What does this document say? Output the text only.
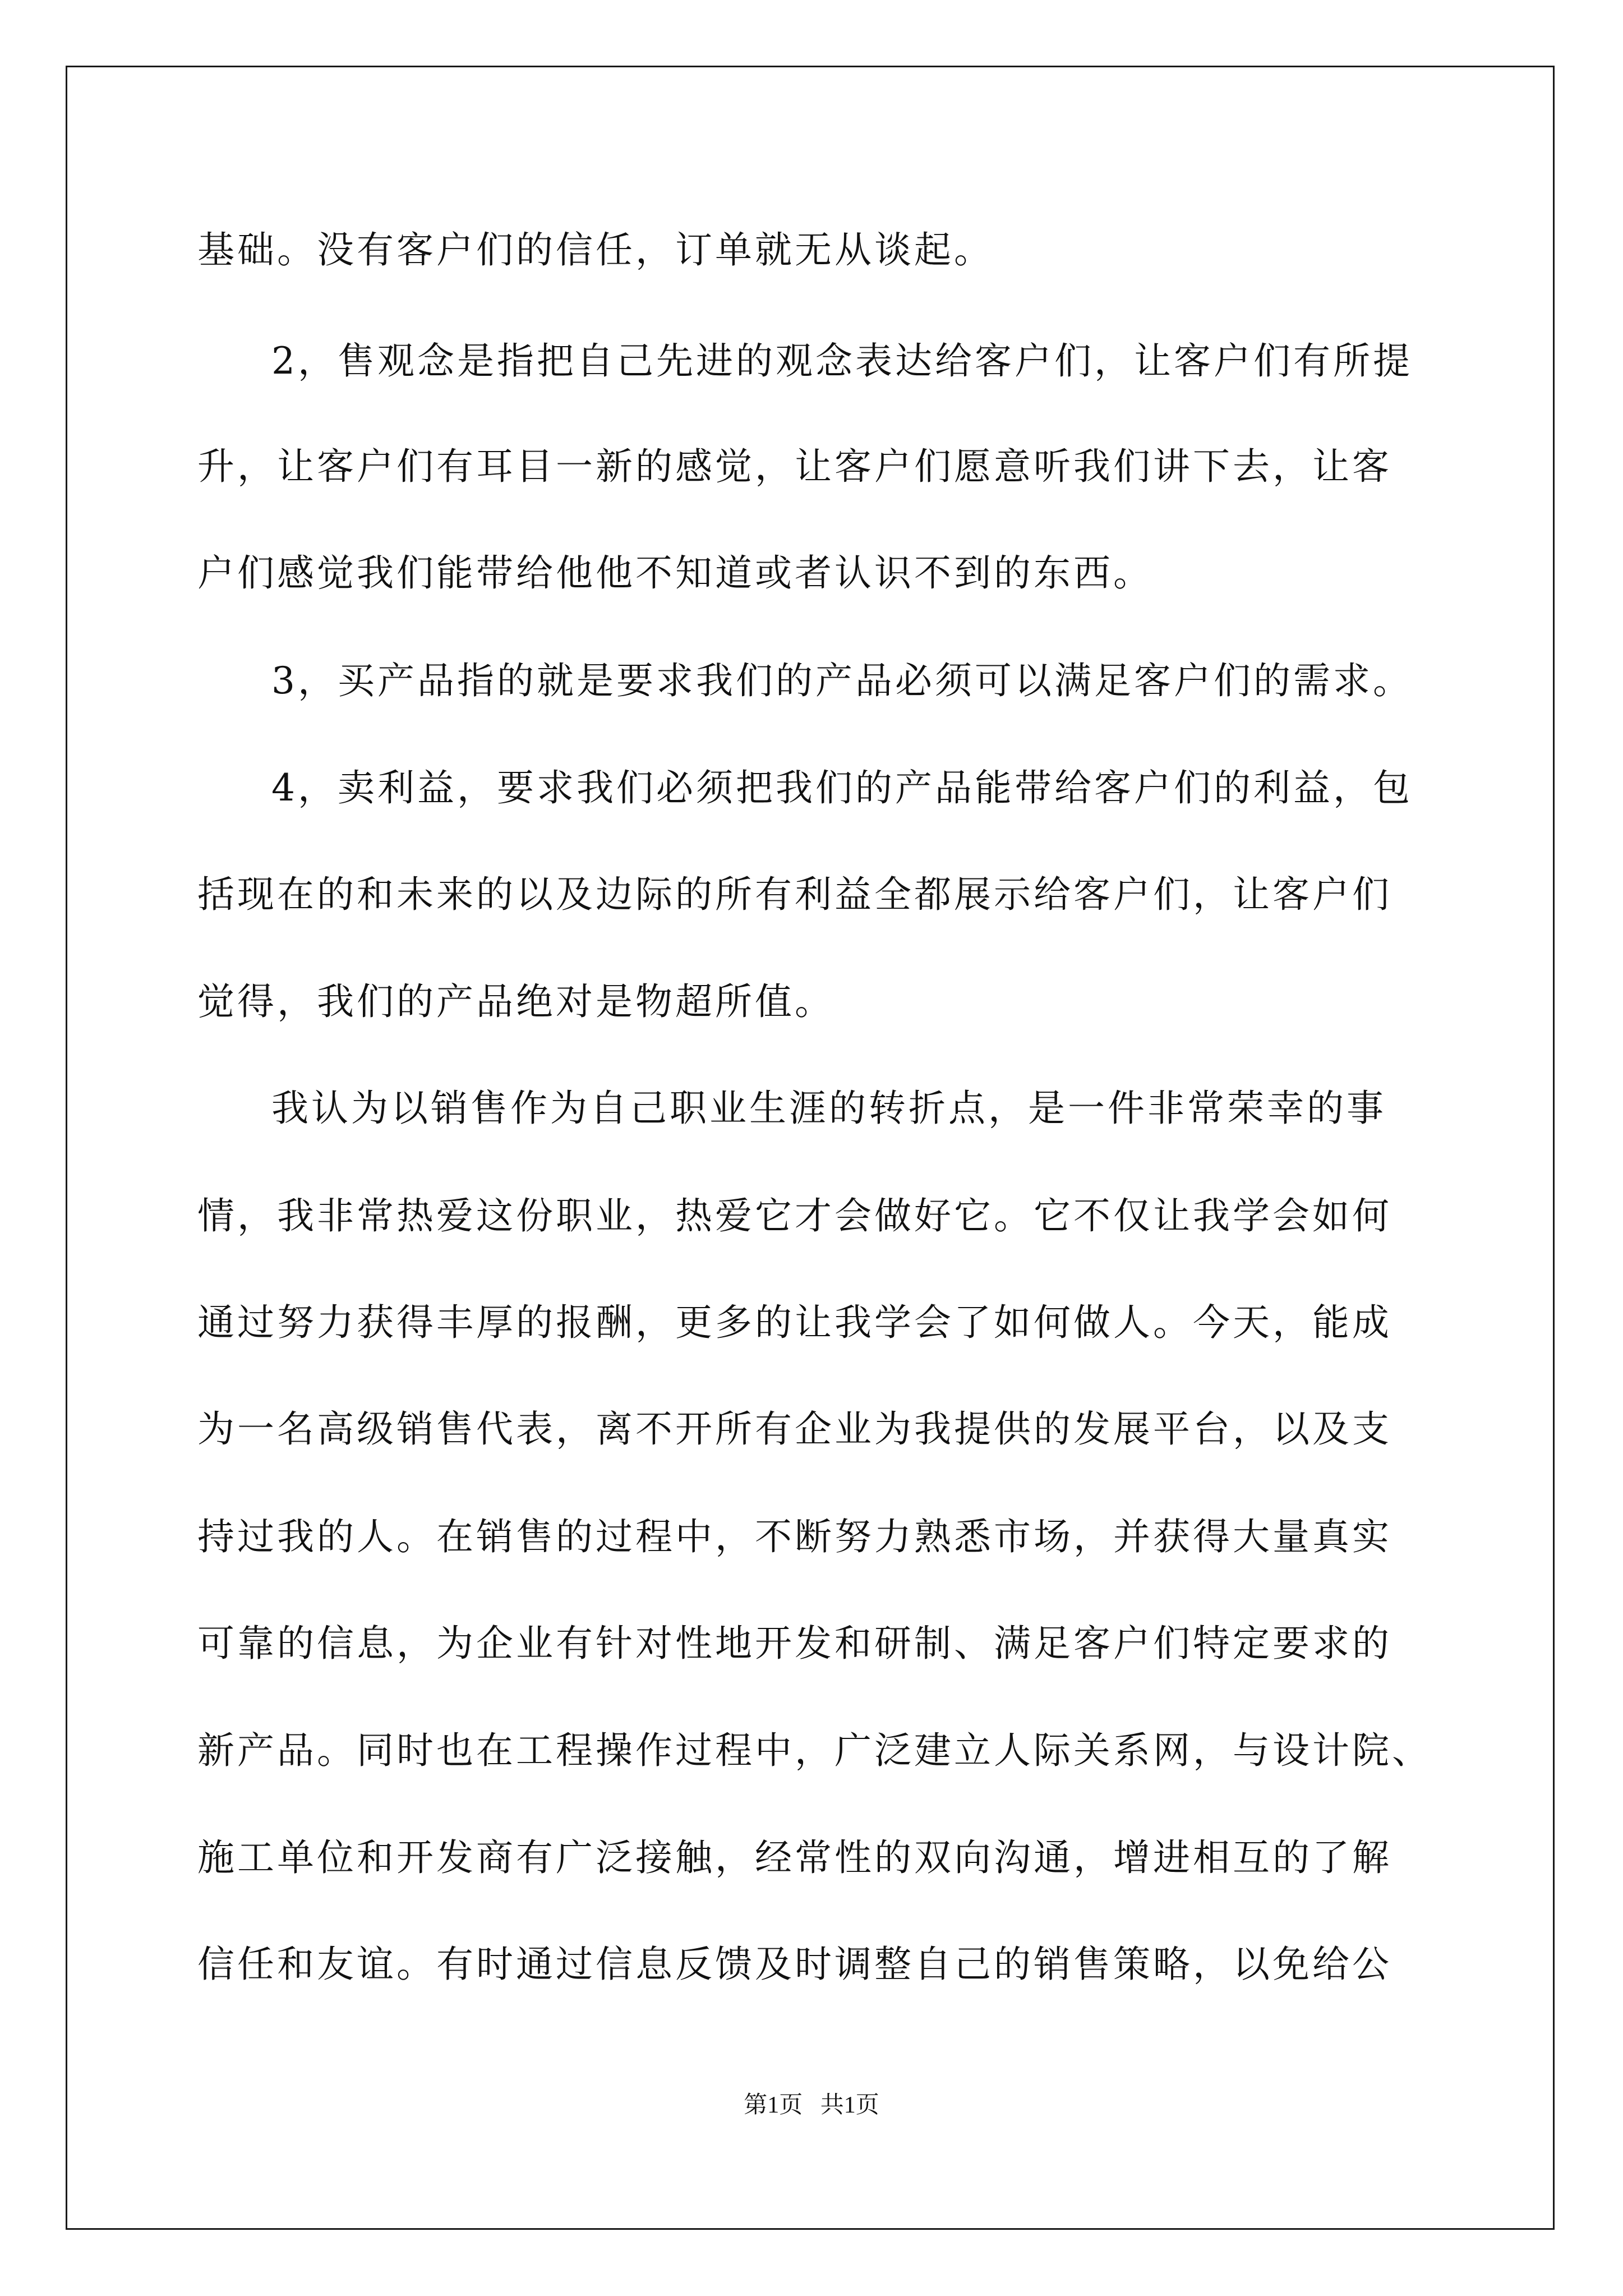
基础。没有客户们的信任，订单就无从谈起。
2，售观念是指把自己先进的观念表达给客户们，让客户们有所提
升，让客户们有耳目一新的感觉，让客户们愿意听我们讲下去，让客
户们感觉我们能带给他他不知道或者认识不到的东西。
3，买产品指的就是要求我们的产品必须可以满足客户们的需求。
4，卖利益，要求我们必须把我们的产品能带给客户们的利益，包
括现在的和未来的以及边际的所有利益全都展示给客户们，让客户们
觉得，我们的产品绝对是物超所值。
我认为以销售作为自己职业生涯的转折点，是一件非常荣幸的事
情，我非常热爱这份职业，热爱它才会做好它。它不仅让我学会如何
通过努力获得丰厚的报酬，更多的让我学会了如何做人。今天，能成
为一名高级销售代表，离不开所有企业为我提供的发展平台，以及支
持过我的人。在销售的过程中，不断努力熟悉市场，并获得大量真实
可靠的信息，为企业有针对性地开发和研制、满足客户们特定要求的
新产品。同时也在工程操作过程中，广泛建立人际关系网，与设计院、
施工单位和开发商有广泛接触，经常性的双向沟通，增进相互的了解
信任和友谊。有时通过信息反馈及时调整自己的销售策略，以免给公
第1页   共1页
